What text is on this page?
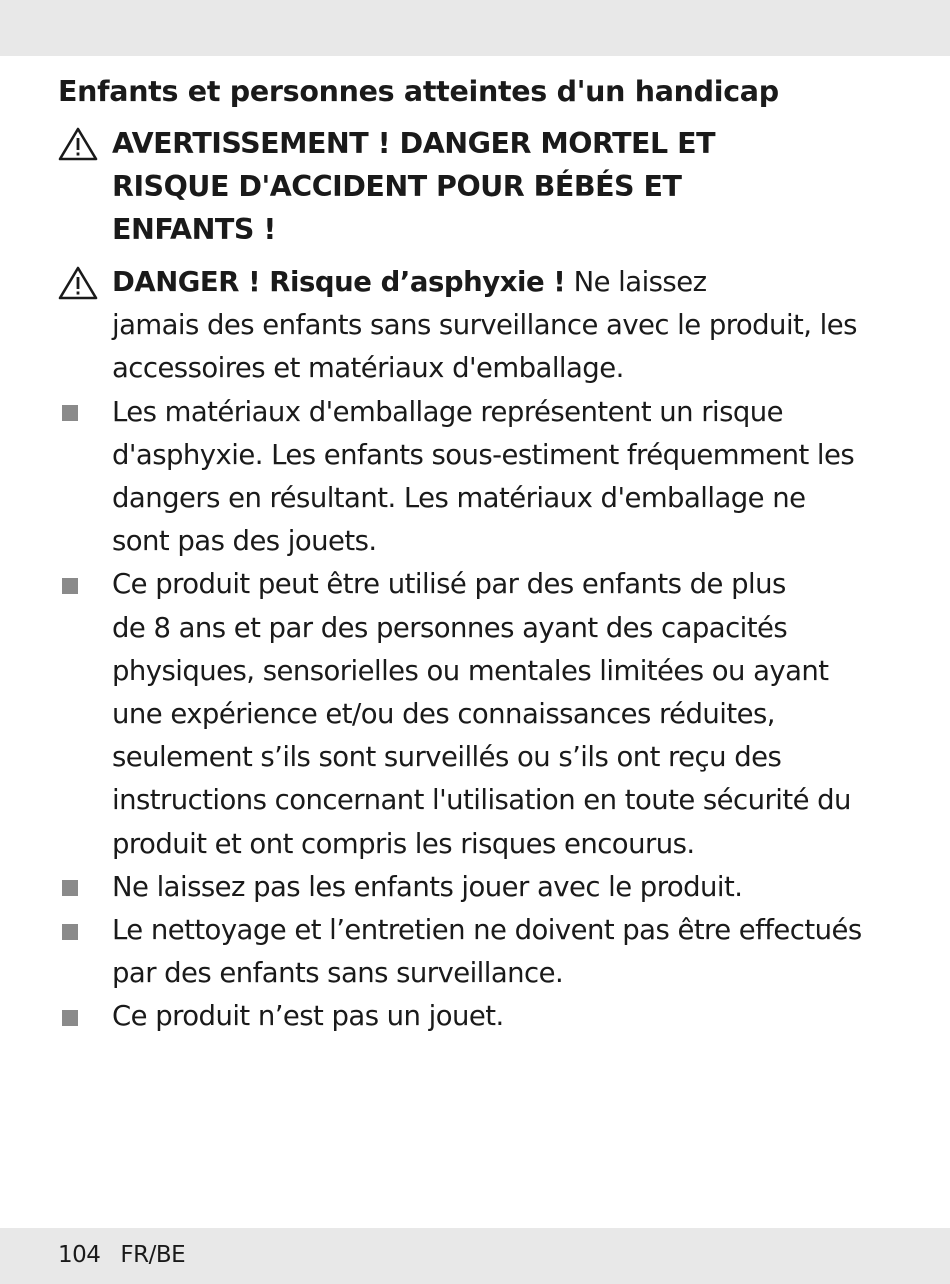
Enfants et personnes atteintes d'un handicap
AVERTISSEMENT ! DANGER MORTEL ET
RISQUE D'ACCIDENT POUR BÉBÉS ET
ENFANTS !
DANGER ! Risque d’asphyxie ! Ne laissez
jamais des enfants sans surveillance avec le produit, les
accessoires et matériaux d'emballage.
Les matériaux d'emballage représentent un risque
d'asphyxie. Les enfants sous-estiment fréquemment les
dangers en résultant. Les matériaux d'emballage ne
sont pas des jouets.
Ce produit peut être utilisé par des enfants de plus
de 8 ans et par des personnes ayant des capacités
physiques, sensorielles ou mentales limitées ou ayant
une expérience et/ou des connaissances réduites,
seulement s’ils sont surveillés ou s’ils ont reçu des
instructions concernant l'utilisation en toute sécurité du
produit et ont compris les risques encourus.
Ne laissez pas les enfants jouer avec le produit.
Le nettoyage et l’entretien ne doivent pas être effectués
par des enfants sans surveillance.
Ce produit n’est pas un jouet.
104 FR/BE
